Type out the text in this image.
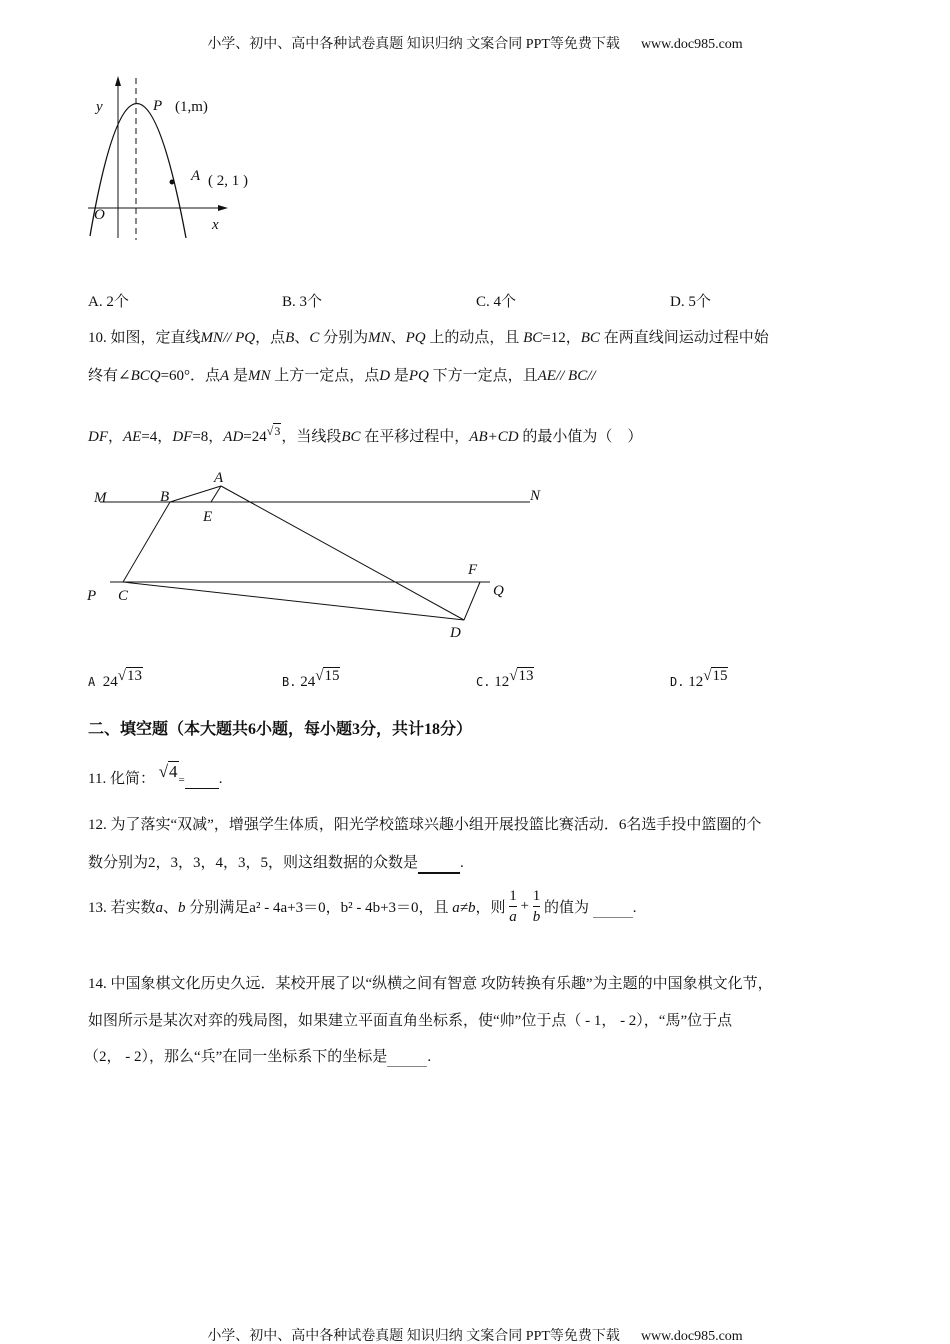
小学、初中、高中各种试卷真题 知识归纳 文案合同 PPT等免费下载 www.doc985.com
y	P (1,m)
A ( 2, 1 )
O
x
A. 2个	B. 3个	C. 4个	D. 5个
10. 如图，定直线MN// PQ，点B、C 分别为MN、PQ 上的动点，且 BC=12，BC 在两直线间运动过程中始
终有∠BCQ=60°．点A 是MN 上方一定点，点D 是PQ 下方一定点，且AE// BC//
DF，AE=4，DF=8，AD=24√3，当线段BC 在平移过程中，AB+CD 的最小值为（　）
M	N
B
A
E
P C
F
Q
D
A 24√13	B. 24√15	C. 12√13	D. 12√15
二、填空题（本大题共6小题，每小题3分，共计18分）
11. 化简： √4= .
12. 为了落实“双减”，增强学生体质，阳光学校篮球兴趣小组开展投篮比赛活动．6名选手投中篮圈的个
数分别为2，3，3，4，3，5，则这组数据的众数是	.
13. 若实数a、b 分别满足a² - 4a+3＝0，b² - 4b+3＝0，且 a≠b，则 $\frac{1}{a} + \frac{1}{b}$ 的值为	.
14. 中国象棋文化历史久远．某校开展了以“纵横之间有智意 攻防转换有乐趣”为主题的中国象棋文化节，
如图所示是某次对弈的残局图，如果建立平面直角坐标系，使“帅”位于点（ - 1， - 2），“馬”位于点
（2， - 2），那么“兵”在同一坐标系下的坐标是	.
小学、初中、高中各种试卷真题 知识归纳 文案合同 PPT等免费下载 www.doc985.com
